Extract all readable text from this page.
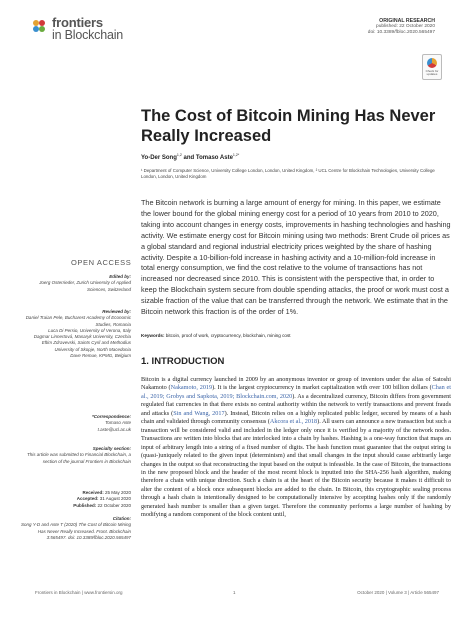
frontiers
in Blockchain
ORIGINAL RESEARCH
published: 22 October 2020
doi: 10.3389/fbloc.2020.565497
Check for updates
The Cost of Bitcoin Mining Has Never Really Increased
Yo-Der Song$^{1,2}$ and Tomaso Aste$^{1,2*}$
¹ Department of Computer Science, University College London, London, United Kingdom, ² UCL Centre for Blockchain Technologies, University College London, London, United Kingdom

The Bitcoin network is burning a large amount of energy for mining. In this paper, we estimate the lower bound for the global mining energy cost for a period of 10 years from 2010 to 2020, taking into account changes in energy costs, improvements in hashing technologies and hashing activity. We estimate energy cost for Bitcoin mining using two methods: Brent Crude oil prices as a global standard and regional industrial electricity prices weighted by the share of hashing activity. Despite a 10-billion-fold increase in hashing activity and a 10-million-fold increase in total energy consumption, we find the cost relative to the volume of transactions has not increased nor decreased since 2010. This is consistent with the perspective that, in order to keep the Blockchain system secure from double spending attacks, the proof or work must cost a sizable fraction of the value that can be transferred through the network. We estimate that in the Bitcoin network this fraction is of the order of 1%.

Keywords: bitcoin, proof of work, cryptocurrency, blockchain, mining cost
OPEN ACCESS
Edited by:
Joerg Osterrieder, Zurich University of Applied Sciences, Switzerland
Reviewed by:
Daniel Traian Pele, Bucharest Academy of Economic Studies, Romania
Luca Di Persio, University of Verona, Italy
Dagmar Linnertová, Masaryk University, Czechia
Eftim Zdravevski, Saints Cyril and Methodius University of Skopje, North Macedonia
Dave Remue, KPMG, Belgium
*Correspondence:
Tomaso Aste
t.aste@ucl.ac.uk
Specialty section:
This article was submitted to Financial Blockchain, a section of the journal Frontiers in Blockchain
Received: 25 May 2020
Accepted: 31 August 2020
Published: 22 October 2020
Citation:
Song Y-D and Aste T (2020) The Cost of Bitcoin Mining Has Never Really Increased. Front. Blockchain 3:565497. doi: 10.3389/fbloc.2020.565497
1. INTRODUCTION

Bitcoin is a digital currency launched in 2009 by an anonymous inventor or group of inventors under the alias of Satoshi Nakamoto (Nakamoto, 2019). It is the largest cryptocurrency in market capitalization with over 100 billion dollars (Chan et al., 2019; Grobys and Sapkota, 2019; Blockchain.com, 2020). As a decentralized currency, Bitcoin differs from government regulated fiat currencies in that there exists no central authority within the network to verify transactions and prevent frauds and attacks (Sin and Wang, 2017). Instead, Bitcoin relies on a highly replicated public ledger, secured by means of a hash chain and validated through community consensus (Akcora et al., 2018). All users can announce a new transaction but such a transaction will be considered valid and included in the ledger only once it is verified by a majority of the network nodes. Transactions are written into blocks that are interlocked into a chain by hashes. Hashing is a one-way function that maps an input of arbitrary length into a string of a fixed number of digits. The hash function must guarantee that the output string is (quasi-)uniquely related to the given input (determinism) and that small changes in the input should cause arbitrarily large changes in the output so that reconstructing the input based on the output is infeasible. In the case of Bitcoin, the transactions in the new proposed block and the header of the most recent block is inputted into the SHA-256 hash algorithm, making therefore a chain with unique direction. Such a chain is at the heart of the Bitcoin security because it makes it difficult to alter the content of a block once subsequent blocks are added to the chain. In Bitcoin, this cryptographic sealing process through a hash chain is intentionally designed to be computationally intensive by accepting hashes only if the randomly generated hash number is smaller than a given target. Therefore the community performs a large number of hashing by modifying a random component of the block content until,

Frontiers in Blockchain | www.frontiersin.org	1	October 2020 | Volume 3 | Article 565497
